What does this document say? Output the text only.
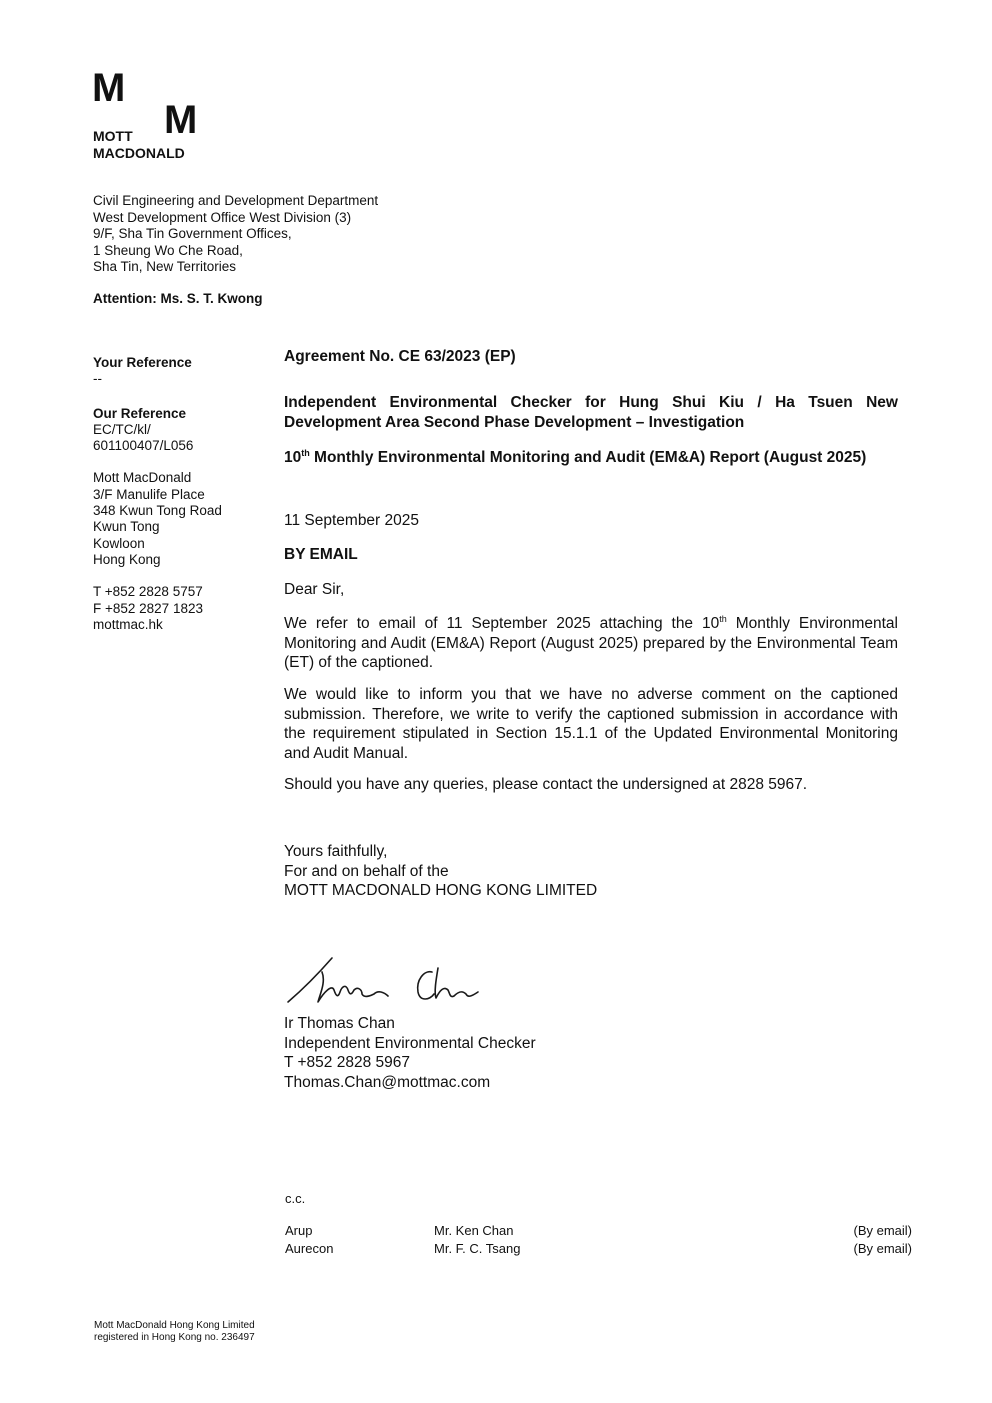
M
M
MOTT
MACDONALD
Civil Engineering and Development Department
West Development Office West Division (3)
9/F, Sha Tin Government Offices,
1 Sheung Wo Che Road,
Sha Tin, New Territories
Attention: Ms. S. T. Kwong
Your Reference
--
Our Reference
EC/TC/kl/
601100407/L056
Mott MacDonald
3/F Manulife Place
348 Kwun Tong Road
Kwun Tong
Kowloon
Hong Kong
T +852 2828 5757
F +852 2827 1823
mottmac.hk
Agreement No. CE 63/2023 (EP)
Independent Environmental Checker for Hung Shui Kiu / Ha Tsuen New Development Area Second Phase Development – Investigation
10th Monthly Environmental Monitoring and Audit (EM&A) Report (August 2025)
11 September 2025
BY EMAIL
Dear Sir,
We refer to email of 11 September 2025 attaching the 10th Monthly Environmental Monitoring and Audit (EM&A) Report (August 2025) prepared by the Environmental Team (ET) of the captioned.
We would like to inform you that we have no adverse comment on the captioned submission. Therefore, we write to verify the captioned submission in accordance with the requirement stipulated in Section 15.1.1 of the Updated Environmental Monitoring and Audit Manual.
Should you have any queries, please contact the undersigned at 2828 5967.
Yours faithfully,
For and on behalf of the
MOTT MACDONALD HONG KONG LIMITED
Ir Thomas Chan
Independent Environmental Checker
T +852 2828 5967
Thomas.Chan@mottmac.com
c.c.
Arup	Mr. Ken Chan	(By email)
Aurecon	Mr. F. C. Tsang	(By email)
Mott MacDonald Hong Kong Limited
registered in Hong Kong no. 236497
